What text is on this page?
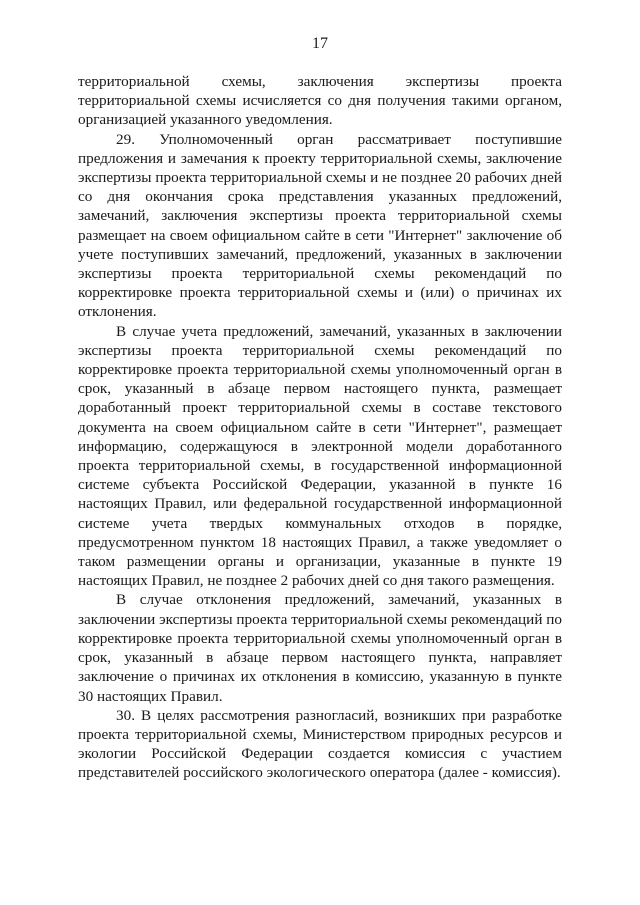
17

территориальной схемы, заключения экспертизы проекта территориальной схемы исчисляется со дня получения такими органом, организацией указанного уведомления.

29. Уполномоченный орган рассматривает поступившие предложения и замечания к проекту территориальной схемы, заключение экспертизы проекта территориальной схемы и не позднее 20 рабочих дней со дня окончания срока представления указанных предложений, замечаний, заключения экспертизы проекта территориальной схемы размещает на своем официальном сайте в сети "Интернет" заключение об учете поступивших замечаний, предложений, указанных в заключении экспертизы проекта территориальной схемы рекомендаций по корректировке проекта территориальной схемы и (или) о причинах их отклонения.

В случае учета предложений, замечаний, указанных в заключении экспертизы проекта территориальной схемы рекомендаций по корректировке проекта территориальной схемы уполномоченный орган в срок, указанный в абзаце первом настоящего пункта, размещает доработанный проект территориальной схемы в составе текстового документа на своем официальном сайте в сети "Интернет", размещает информацию, содержащуюся в электронной модели доработанного проекта территориальной схемы, в государственной информационной системе субъекта Российской Федерации, указанной в пункте 16 настоящих Правил, или федеральной государственной информационной системе учета твердых коммунальных отходов в порядке, предусмотренном пунктом 18 настоящих Правил, а также уведомляет о таком размещении органы и организации, указанные в пункте 19 настоящих Правил, не позднее 2 рабочих дней со дня такого размещения.

В случае отклонения предложений, замечаний, указанных в заключении экспертизы проекта территориальной схемы рекомендаций по корректировке проекта территориальной схемы уполномоченный орган в срок, указанный в абзаце первом настоящего пункта, направляет заключение о причинах их отклонения в комиссию, указанную в пункте 30 настоящих Правил.

30. В целях рассмотрения разногласий, возникших при разработке проекта территориальной схемы, Министерством природных ресурсов и экологии Российской Федерации создается комиссия с участием представителей российского экологического оператора (далее - комиссия).
